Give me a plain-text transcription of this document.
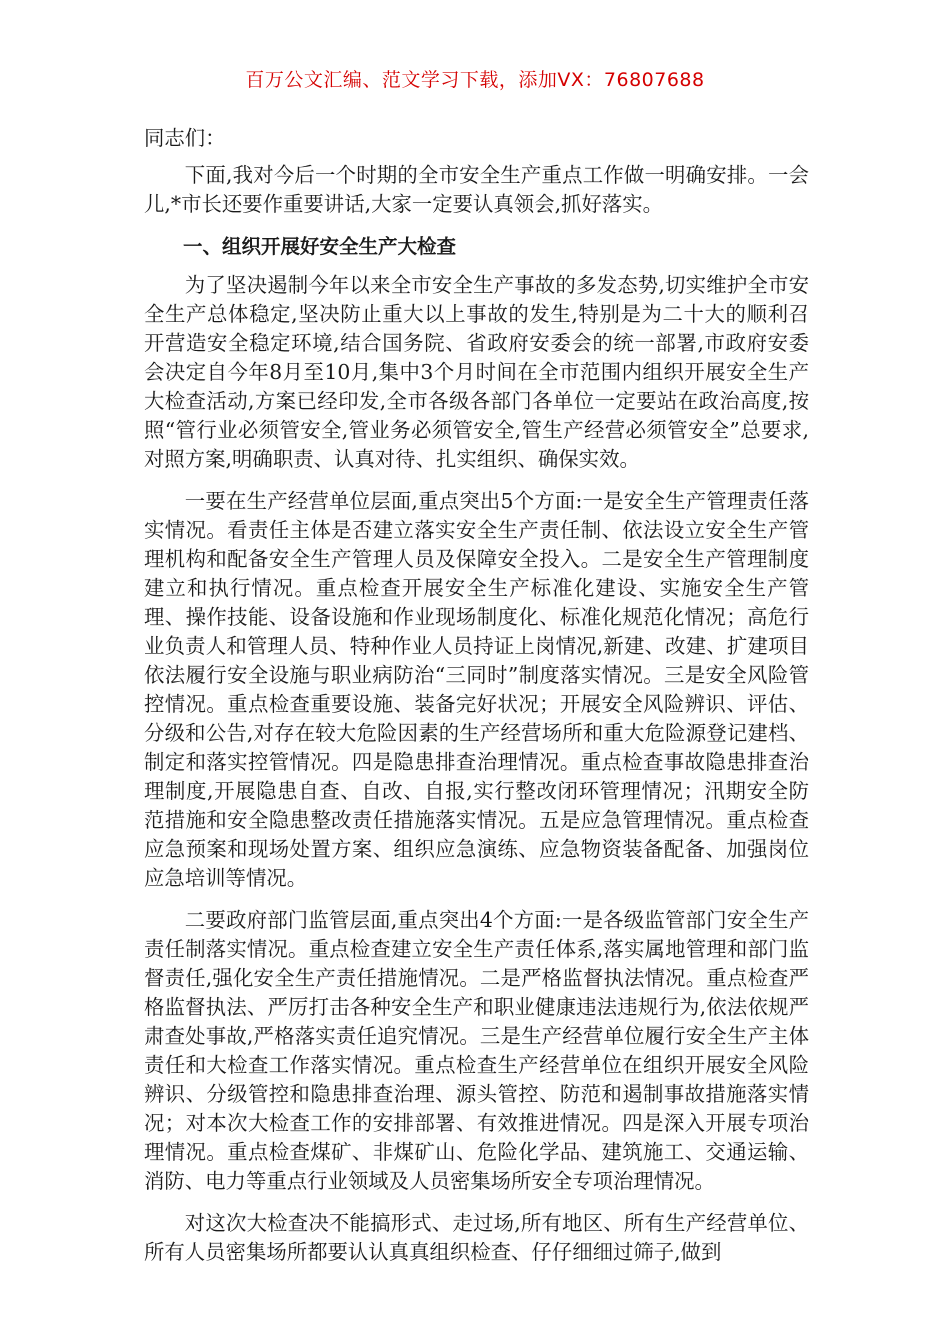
百万公文汇编、范文学习下载，添加VX：76807688

同志们：

下面,我对今后一个时期的全市安全生产重点工作做一明确安排。一会儿,*市长还要作重要讲话,大家一定要认真领会,抓好落实。

一、组织开展好安全生产大检查

为了坚决遏制今年以来全市安全生产事故的多发态势,切实维护全市安全生产总体稳定,坚决防止重大以上事故的发生,特别是为二十大的顺利召开营造安全稳定环境,结合国务院、省政府安委会的统一部署,市政府安委会决定自今年8月至10月,集中3个月时间在全市范围内组织开展安全生产大检查活动,方案已经印发,全市各级各部门各单位一定要站在政治高度,按照“管行业必须管安全,管业务必须管安全,管生产经营必须管安全”总要求,对照方案,明确职责、认真对待、扎实组织、确保实效。

一要在生产经营单位层面,重点突出5个方面:一是安全生产管理责任落实情况。看责任主体是否建立落实安全生产责任制、依法设立安全生产管理机构和配备安全生产管理人员及保障安全投入。二是安全生产管理制度建立和执行情况。重点检查开展安全生产标准化建设、实施安全生产管理、操作技能、设备设施和作业现场制度化、标准化规范化情况；高危行业负责人和管理人员、特种作业人员持证上岗情况,新建、改建、扩建项目依法履行安全设施与职业病防治“三同时”制度落实情况。三是安全风险管控情况。重点检查重要设施、装备完好状况；开展安全风险辨识、评估、分级和公告,对存在较大危险因素的生产经营场所和重大危险源登记建档、制定和落实控管情况。四是隐患排查治理情况。重点检查事故隐患排查治理制度,开展隐患自查、自改、自报,实行整改闭环管理情况；汛期安全防范措施和安全隐患整改责任措施落实情况。五是应急管理情况。重点检查应急预案和现场处置方案、组织应急演练、应急物资装备配备、加强岗位应急培训等情况。

二要政府部门监管层面,重点突出4个方面:一是各级监管部门安全生产责任制落实情况。重点检查建立安全生产责任体系,落实属地管理和部门监督责任,强化安全生产责任措施情况。二是严格监督执法情况。重点检查严格监督执法、严厉打击各种安全生产和职业健康违法违规行为,依法依规严肃查处事故,严格落实责任追究情况。三是生产经营单位履行安全生产主体责任和大检查工作落实情况。重点检查生产经营单位在组织开展安全风险辨识、分级管控和隐患排查治理、源头管控、防范和遏制事故措施落实情况；对本次大检查工作的安排部署、有效推进情况。四是深入开展专项治理情况。重点检查煤矿、非煤矿山、危险化学品、建筑施工、交通运输、消防、电力等重点行业领域及人员密集场所安全专项治理情况。

对这次大检查决不能搞形式、走过场,所有地区、所有生产经营单位、所有人员密集场所都要认认真真组织检查、仔仔细细过筛子,做到
